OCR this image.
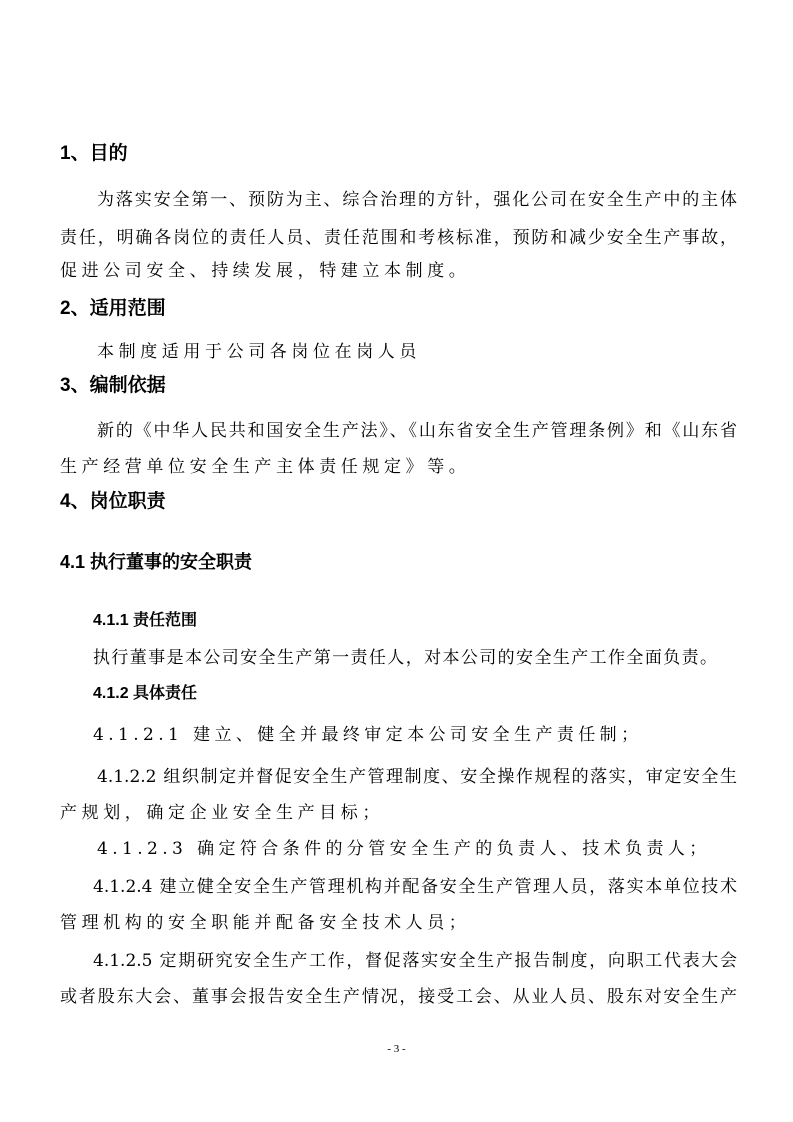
1、目的
为落实安全第一、预防为主、综合治理的方针，强化公司在安全生产中的主体
责任，明确各岗位的责任人员、责任范围和考核标准，预防和减少安全生产事故，
促进公司安全、持续发展，特建立本制度。
2、适用范围
本制度适用于公司各岗位在岗人员
3、编制依据
新的《中华人民共和国安全生产法》、《山东省安全生产管理条例》和《山东省
生产经营单位安全生产主体责任规定》等。
4、岗位职责
4.1 执行董事的安全职责
4.1.1 责任范围
执行董事是本公司安全生产第一责任人，对本公司的安全生产工作全面负责。
4.1.2 具体责任
4.1.2.1 建立、健全并最终审定本公司安全生产责任制；
4.1.2.2 组织制定并督促安全生产管理制度、安全操作规程的落实，审定安全生
产规划，确定企业安全生产目标；
4.1.2.3 确定符合条件的分管安全生产的负责人、技术负责人；
4.1.2.4 建立健全安全生产管理机构并配备安全生产管理人员，落实本单位技术
管理机构的安全职能并配备安全技术人员；
4.1.2.5 定期研究安全生产工作，督促落实安全生产报告制度，向职工代表大会
或者股东大会、董事会报告安全生产情况，接受工会、从业人员、股东对安全生产
- 3 -
